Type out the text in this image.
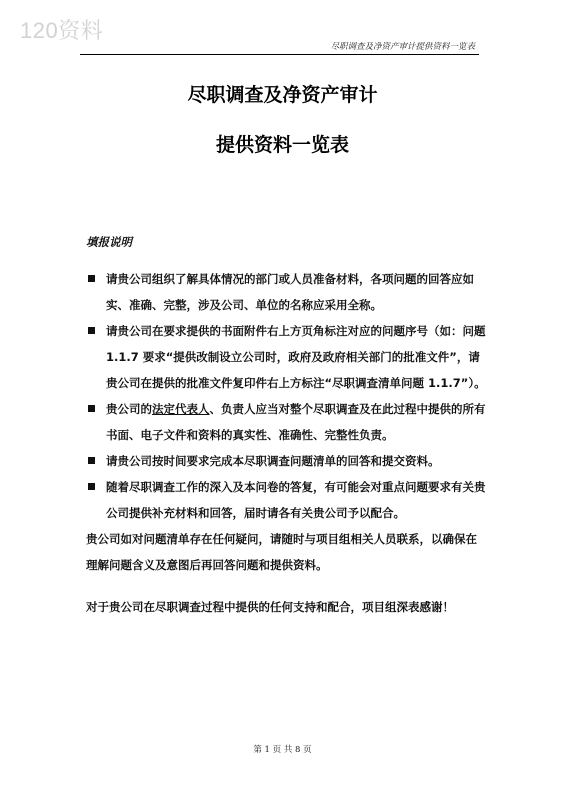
120资料
尽职调查及净资产审计提供资料一览表
尽职调查及净资产审计
提供资料一览表
填报说明
请贵公司组织了解具体情况的部门或人员准备材料，各项问题的回答应如实、准确、完整，涉及公司、单位的名称应采用全称。
请贵公司在要求提供的书面附件右上方页角标注对应的问题序号（如：问题 1.1.7 要求“提供改制设立公司时，政府及政府相关部门的批准文件”，请贵公司在提供的批准文件复印件右上方标注“尽职调查清单问题 1.1.7”）。
贵公司的法定代表人、负责人应当对整个尽职调查及在此过程中提供的所有书面、电子文件和资料的真实性、准确性、完整性负责。
请贵公司按时间要求完成本尽职调查问题清单的回答和提交资料。
随着尽职调查工作的深入及本问卷的答复，有可能会对重点问题要求有关贵公司提供补充材料和回答，届时请各有关贵公司予以配合。
贵公司如对问题清单存在任何疑问，请随时与项目组相关人员联系，以确保在理解问题含义及意图后再回答问题和提供资料。
对于贵公司在尽职调查过程中提供的任何支持和配合，项目组深表感谢！
第 1 页 共 8 页
